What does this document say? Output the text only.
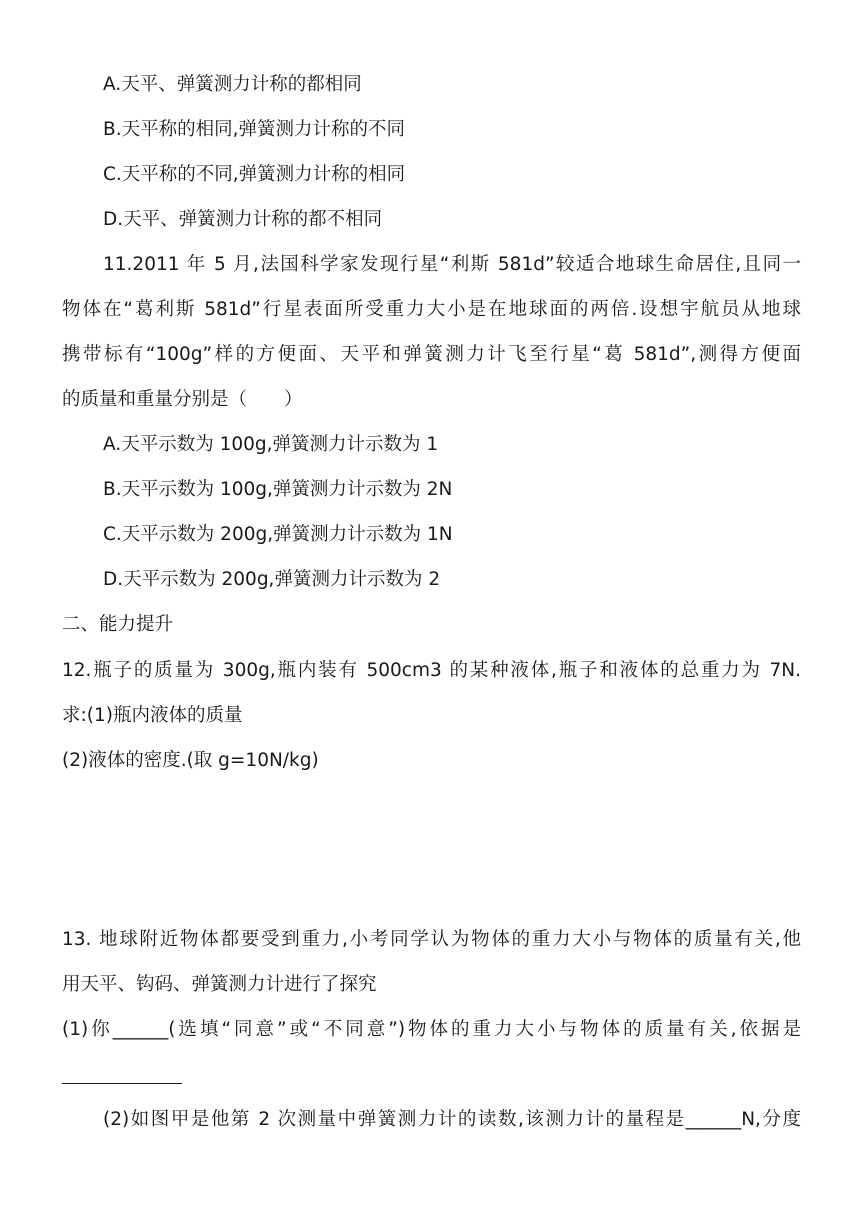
A.天平、弹簧测力计称的都相同
B.天平称的相同,弹簧测力计称的不同
C.天平称的不同,弹簧测力计称的相同
D.天平、弹簧测力计称的都不相同
11.2011 年 5 月,法国科学家发现行星“利斯 581d”较适合地球生命居住,且同一
物体在“葛利斯 581d”行星表面所受重力大小是在地球面的两倍.设想宇航员从地球
携带标有“100g”样的方便面、天平和弹簧测力计飞至行星“葛 581d”,测得方便面
的质量和重量分别是（　　）
A.天平示数为 100g,弹簧测力计示数为 1
B.天平示数为 100g,弹簧测力计示数为 2N
C.天平示数为 200g,弹簧测力计示数为 1N
D.天平示数为 200g,弹簧测力计示数为 2
二、能力提升
12.瓶子的质量为 300g,瓶内装有 500cm3 的某种液体,瓶子和液体的总重力为 7N.
求:(1)瓶内液体的质量
(2)液体的密度.(取 g=10N/kg)
13. 地球附近物体都要受到重力,小考同学认为物体的重力大小与物体的质量有关,他
用天平、钩码、弹簧测力计进行了探究
(1)你______(选填“同意”或“不同意”)物体的重力大小与物体的质量有关,依据是
(2)如图甲是他第 2 次测量中弹簧测力计的读数,该测力计的量程是______N,分度
